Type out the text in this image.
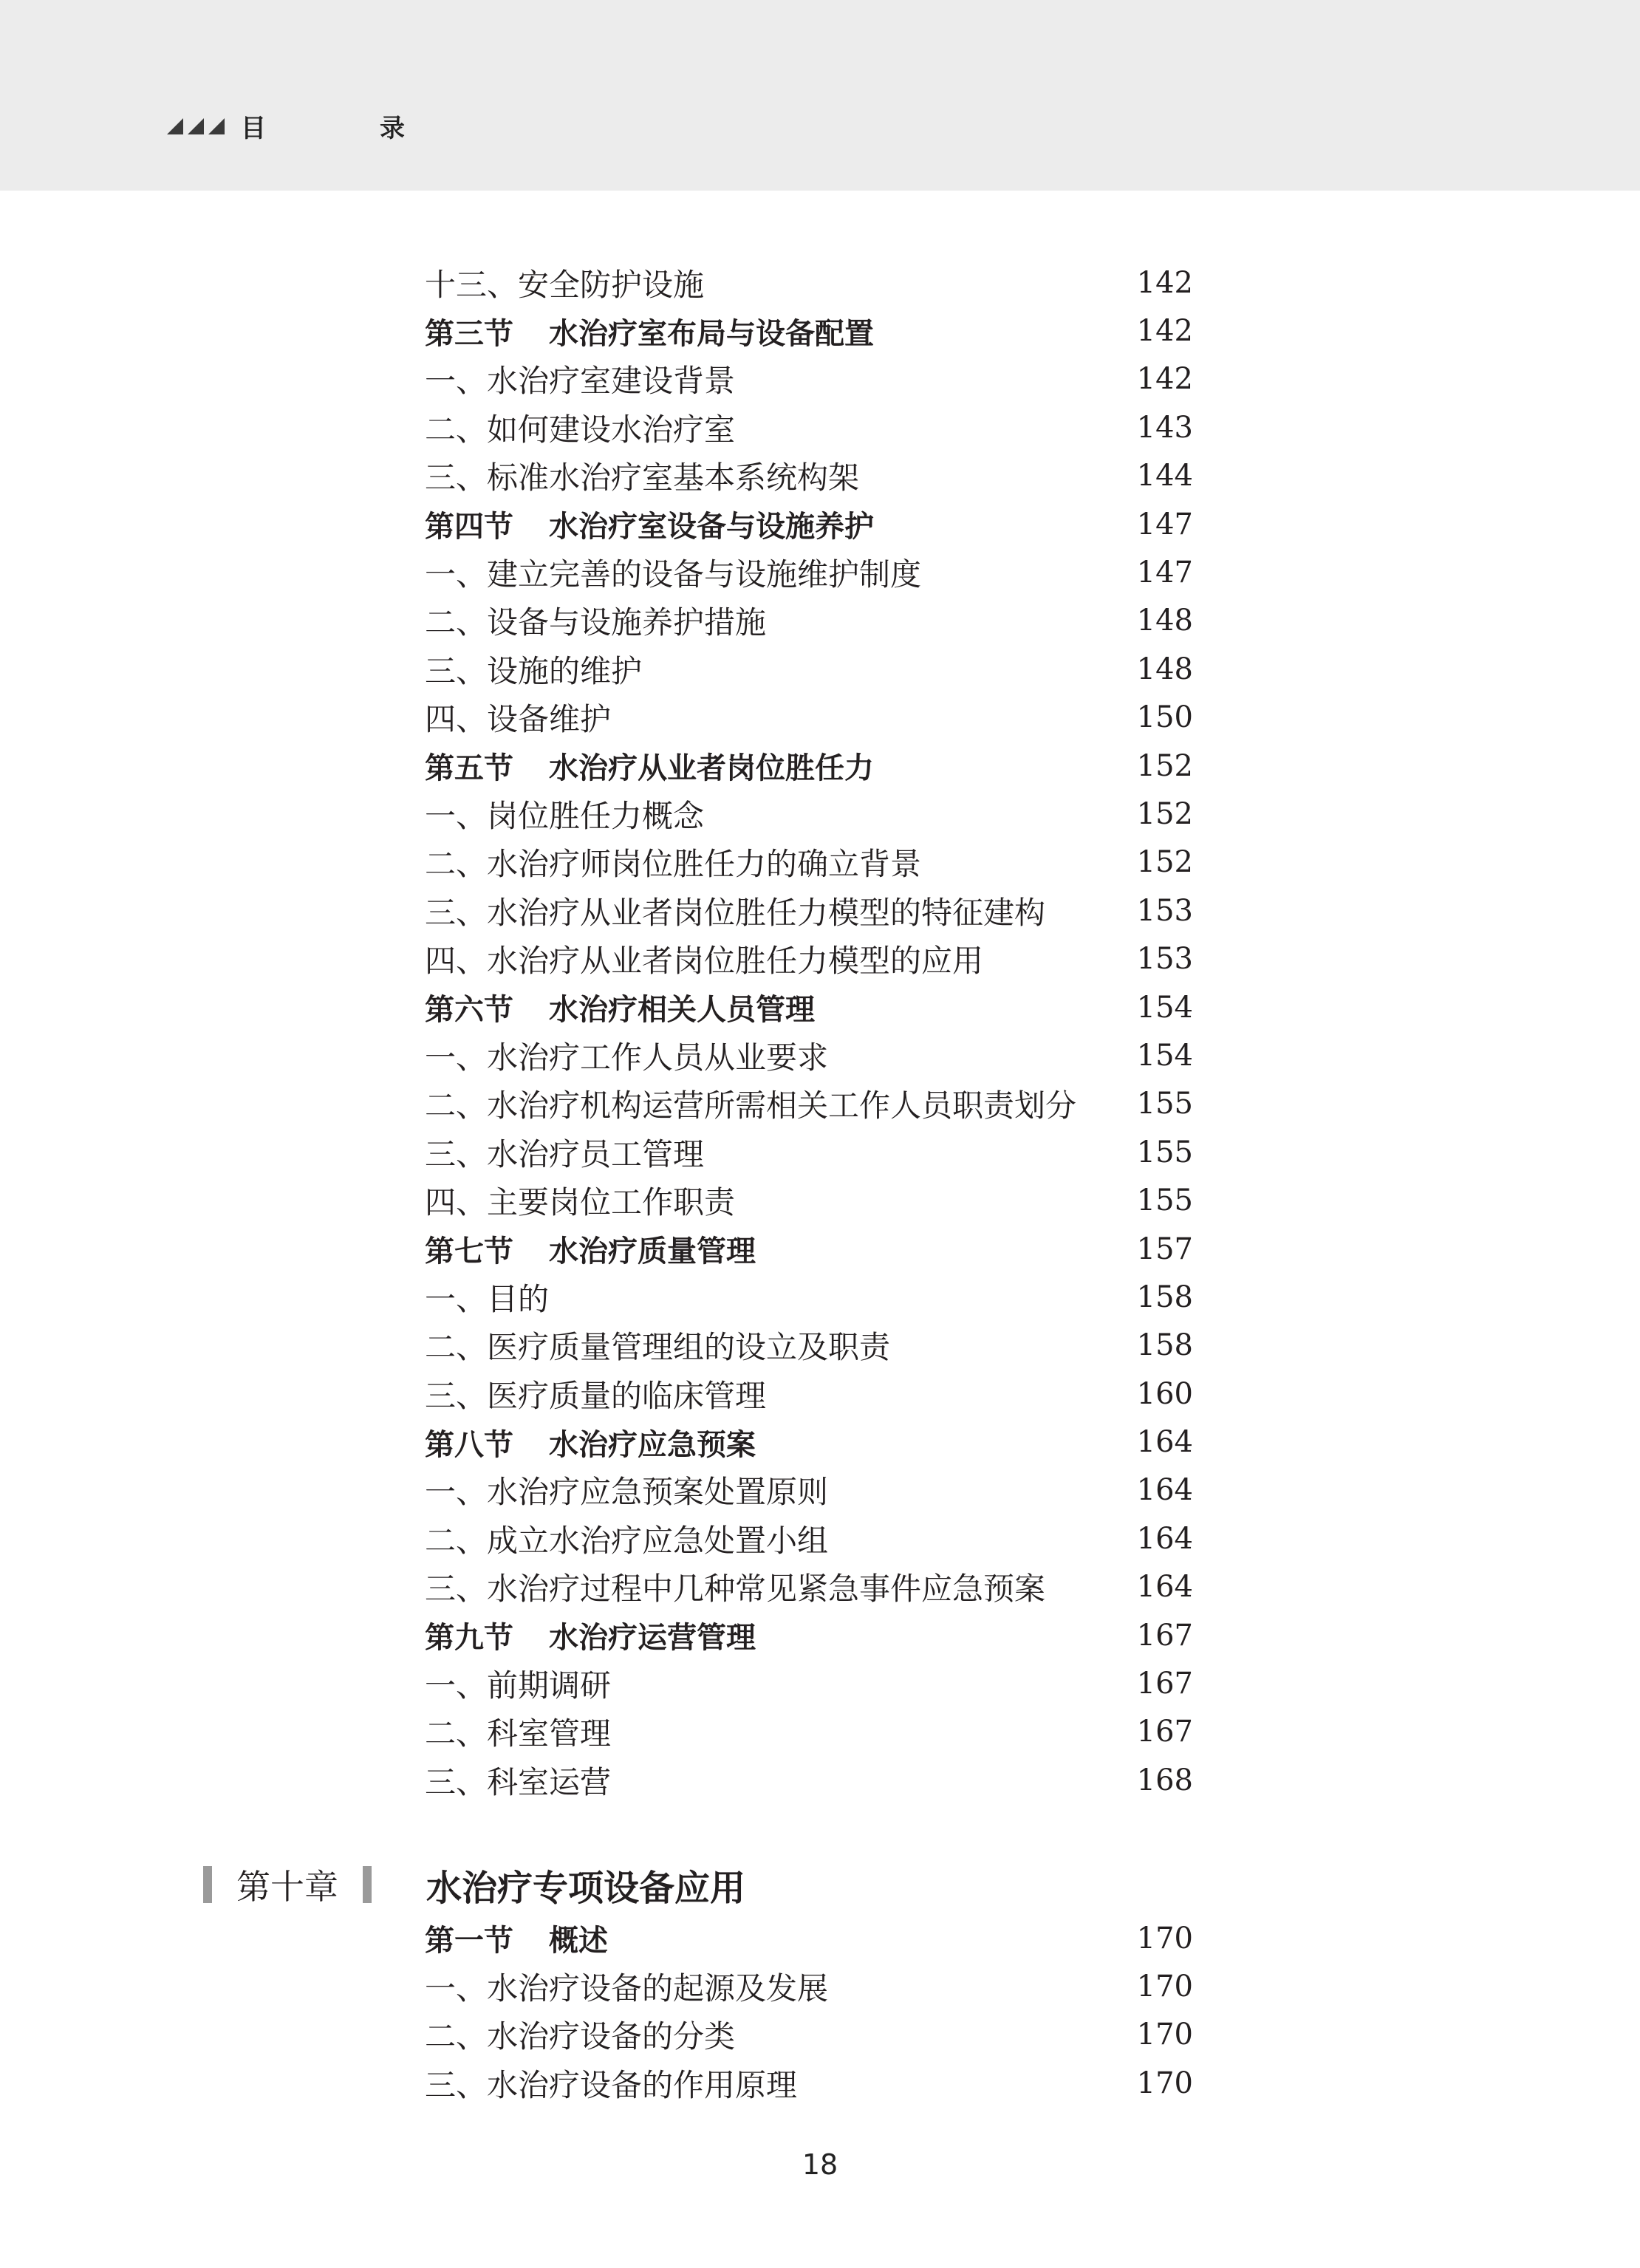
目　录
十三、安全防护设施	142
第三节 水治疗室布局与设备配置	142
一、水治疗室建设背景	142
二、如何建设水治疗室	143
三、标准水治疗室基本系统构架	144
第四节 水治疗室设备与设施养护	147
一、建立完善的设备与设施维护制度	147
二、设备与设施养护措施	148
三、设施的维护	148
四、设备维护	150
第五节 水治疗从业者岗位胜任力	152
一、岗位胜任力概念	152
二、水治疗师岗位胜任力的确立背景	152
三、水治疗从业者岗位胜任力模型的特征建构	153
四、水治疗从业者岗位胜任力模型的应用	153
第六节 水治疗相关人员管理	154
一、水治疗工作人员从业要求	154
二、水治疗机构运营所需相关工作人员职责划分	155
三、水治疗员工管理	155
四、主要岗位工作职责	155
第七节 水治疗质量管理	157
一、目的	158
二、医疗质量管理组的设立及职责	158
三、医疗质量的临床管理	160
第八节 水治疗应急预案	164
一、水治疗应急预案处置原则	164
二、成立水治疗应急处置小组	164
三、水治疗过程中几种常见紧急事件应急预案	164
第九节 水治疗运营管理	167
一、前期调研	167
二、科室管理	167
三、科室运营	168
第十章	水治疗专项设备应用
第一节 概述	170
一、水治疗设备的起源及发展	170
二、水治疗设备的分类	170
三、水治疗设备的作用原理	170
18
